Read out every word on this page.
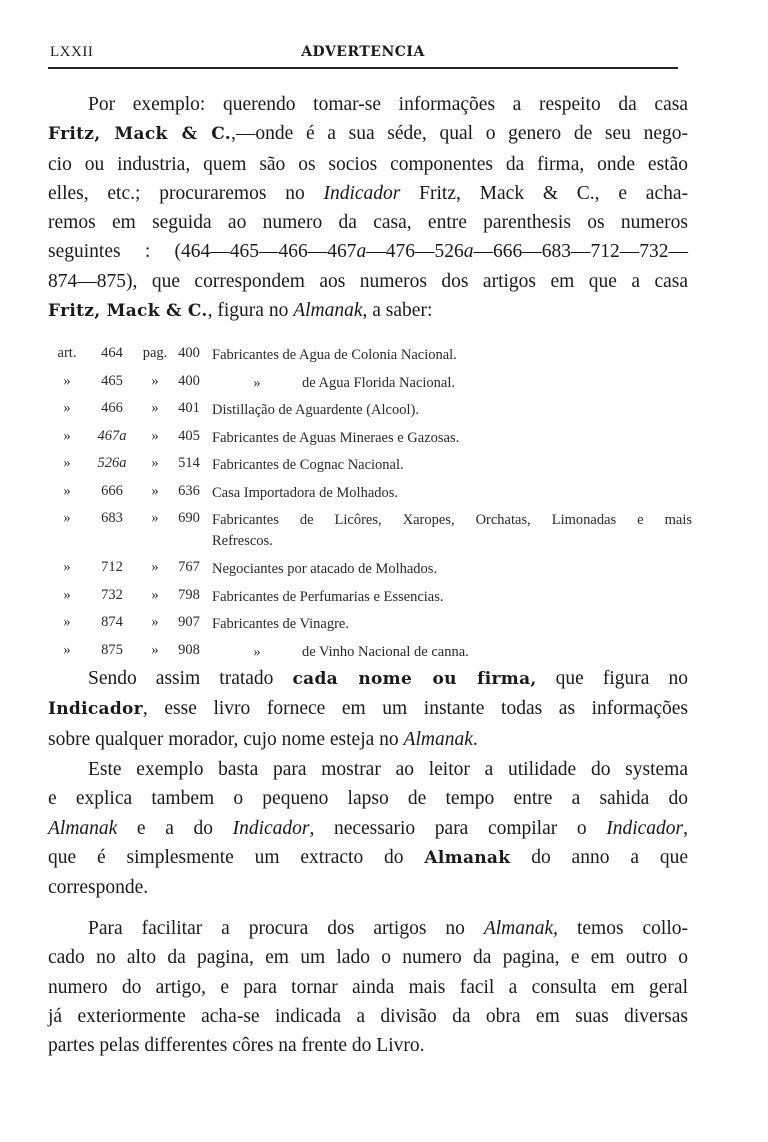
LXXII	ADVERTENCIA
Por exemplo: querendo tomar-se informações a respeito da casa
Fritz, Mack & C.,—onde é a sua séde, qual o genero de seu nego-
cio ou industria, quem são os socios componentes da firma, onde estão
elles, etc.; procuraremos no Indicador Fritz, Mack & C., e acha-
remos em seguida ao numero da casa, entre parenthesis os numeros
seguintes : (464—465—466—467a—476—526a—666—683—712—732—
874—875), que correspondem aos numeros dos artigos em que a casa
Fritz, Mack & C., figura no Almanak, a saber:
art.	464	pag. 400 Fabricantes de Agua de Colonia Nacional.
»	465	»	400	»	de Agua Florida Nacional.
»	466	»	401 Distillação de Aguardente (Alcool).
»	467a	»	405 Fabricantes de Aguas Mineraes e Gazosas.
»	526a	»	514 Fabricantes de Cognac Nacional.
»	666	»	636 Casa Importadora de Molhados.
»	683	»	690 Fabricantes de Licôres, Xaropes, Orchatas, Limonadas e mais
Refrescos.
»	712	»	767 Negociantes por atacado de Molhados.
»	732	»	798 Fabricantes de Perfumarias e Essencias.
»	874	»	907 Fabricantes de Vinagre.
»	875	»	908	»	de Vinho Nacional de canna.
Sendo assim tratado cada nome ou firma, que figura no
Indicador, esse livro fornece em um instante todas as informações
sobre qualquer morador, cujo nome esteja no Almanak.
Este exemplo basta para mostrar ao leitor a utilidade do systema
e explica tambem o pequeno lapso de tempo entre a sahida do
Almanak e a do Indicador, necessario para compilar o Indicador,
que é simplesmente um extracto do Almanak do anno a que
corresponde.
Para facilitar a procura dos artigos no Almanak, temos collo-
cado no alto da pagina, em um lado o numero da pagina, e em outro o
numero do artigo, e para tornar ainda mais facil a consulta em geral
já exteriormente acha-se indicada a divisão da obra em suas diversas
partes pelas differentes côres na frente do Livro.
